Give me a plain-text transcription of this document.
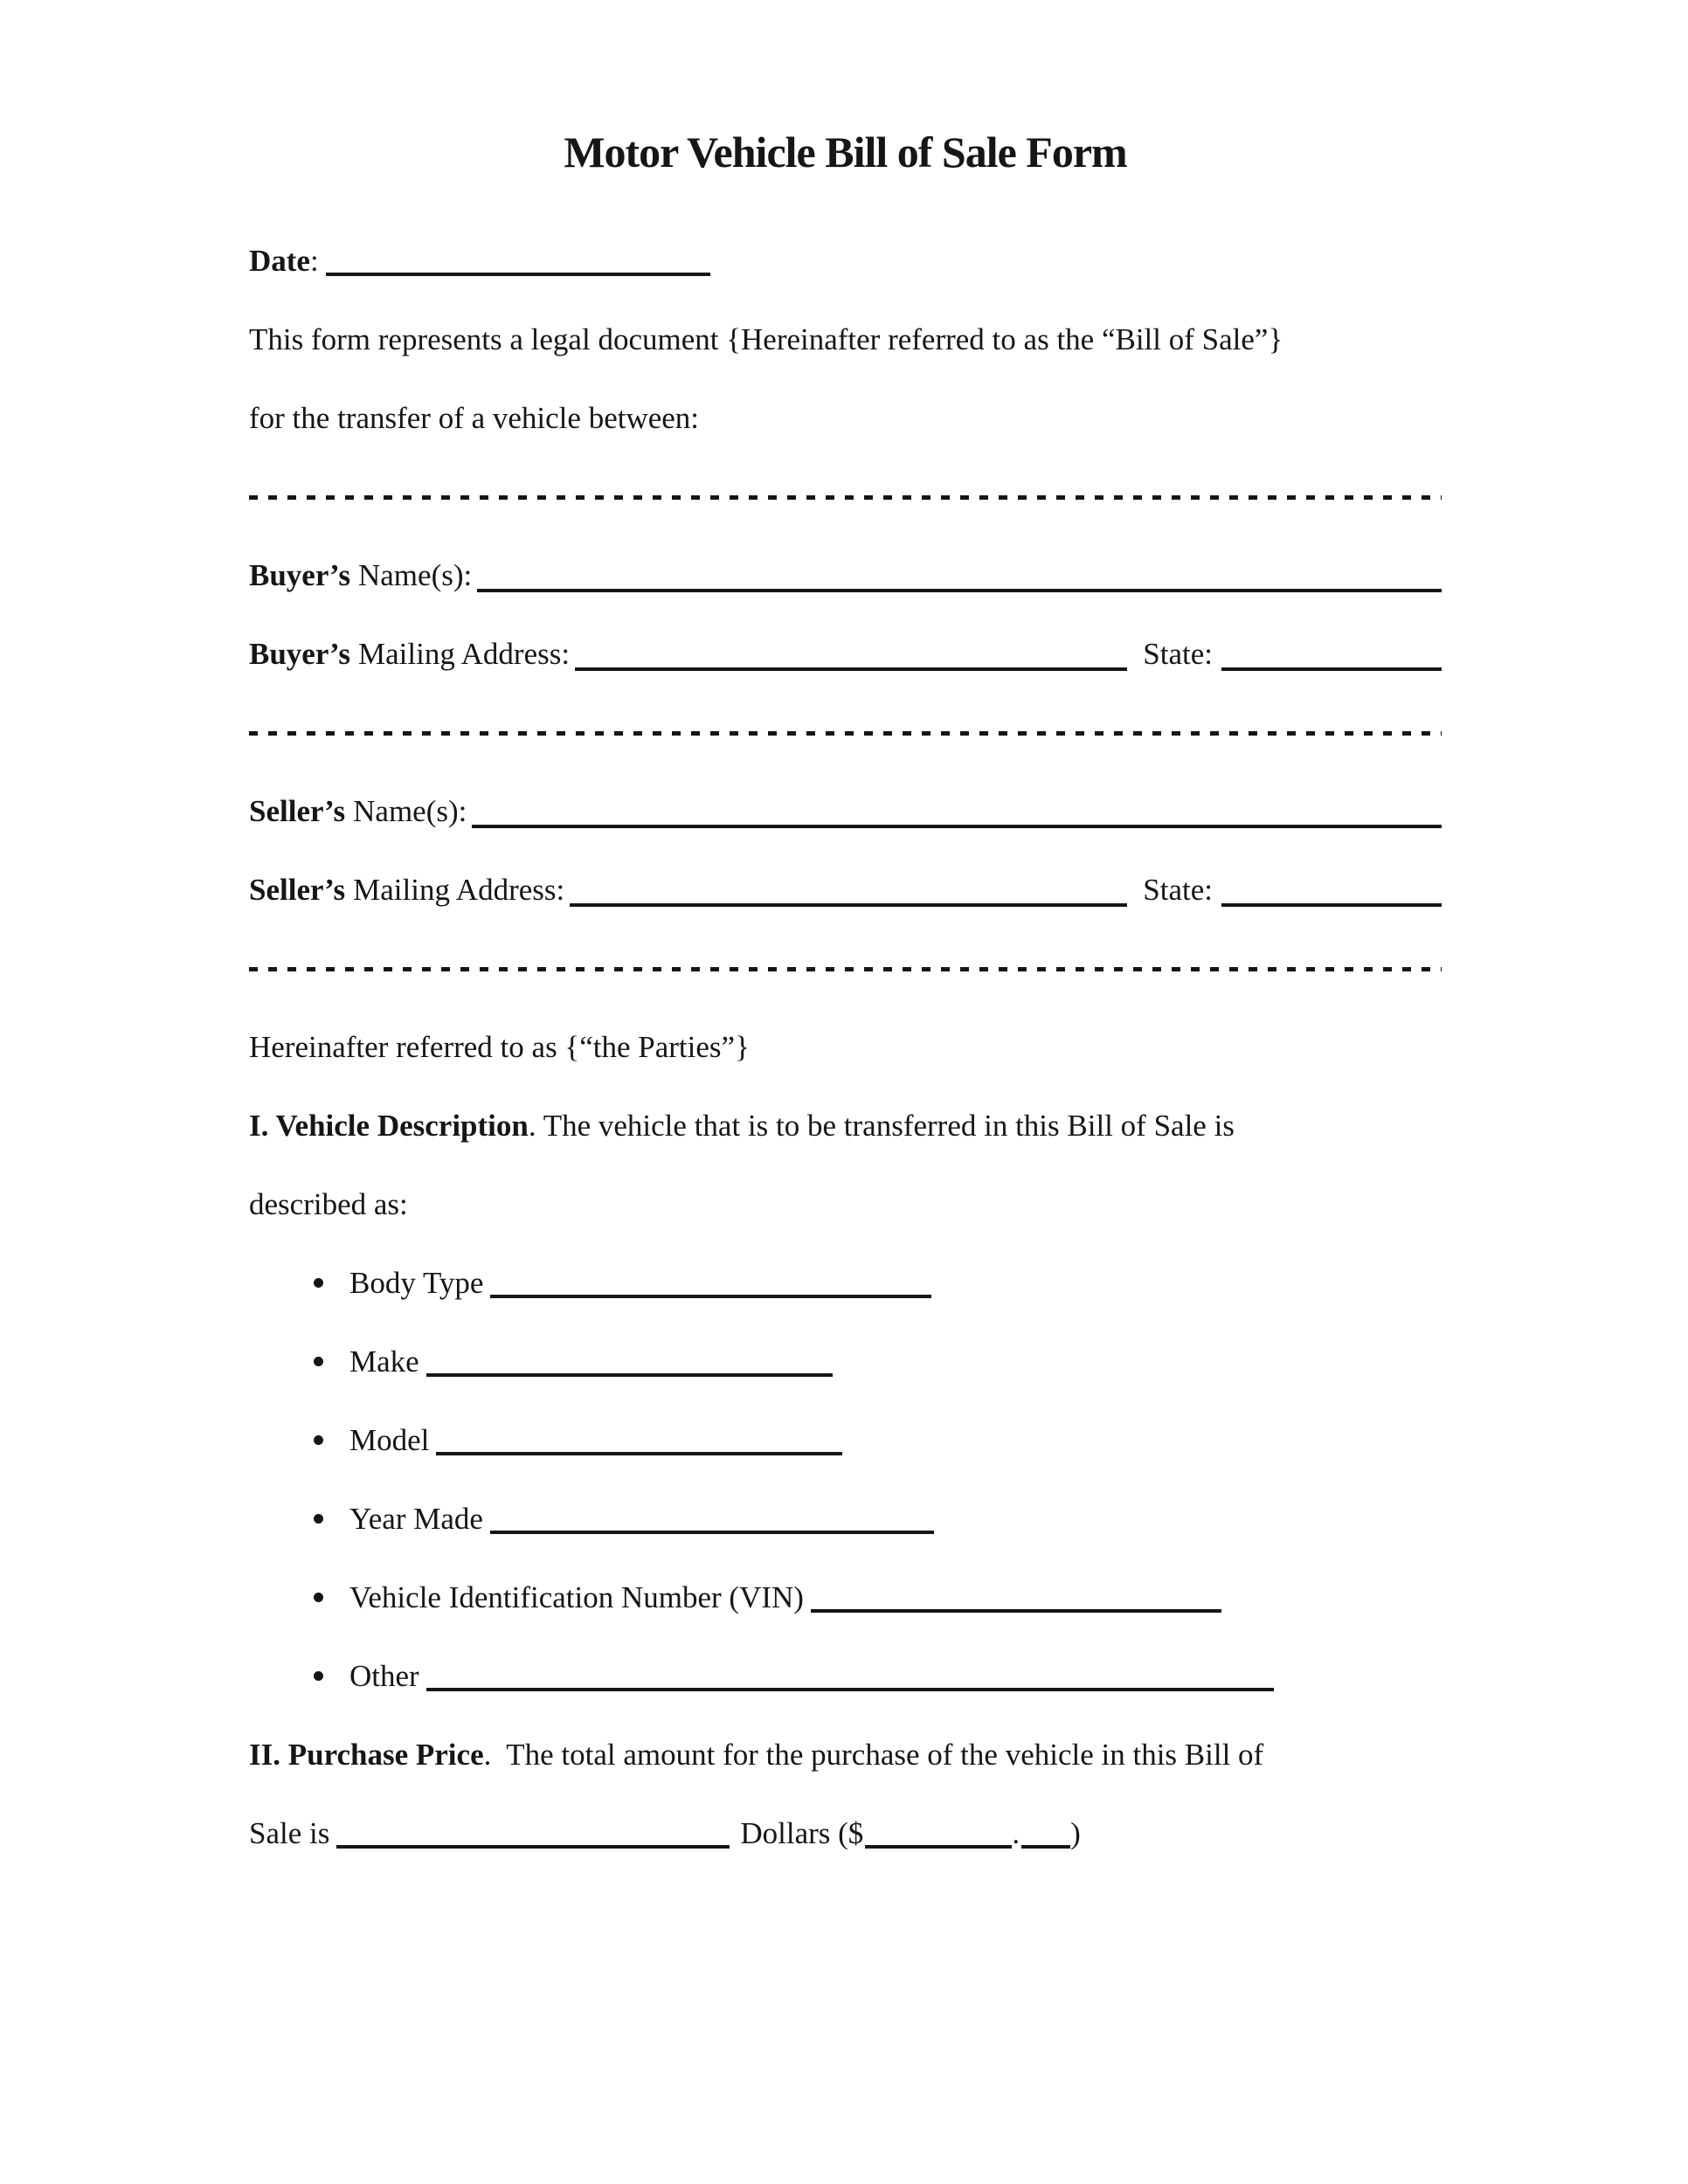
Motor Vehicle Bill of Sale Form
Date:
This form represents a legal document {Hereinafter referred to as the “Bill of Sale”}
for the transfer of a vehicle between:
Buyer’s Name(s):
Buyer’s Mailing Address:	State:
Seller’s Name(s):
Seller’s Mailing Address:	State:
Hereinafter referred to as {“the Parties”}
I. Vehicle Description. The vehicle that is to be transferred in this Bill of Sale is
described as:
Body Type
Make
Model
Year Made
Vehicle Identification Number (VIN)
Other
II. Purchase Price.  The total amount for the purchase of the vehicle in this Bill of
Sale is	Dollars ($	. )
